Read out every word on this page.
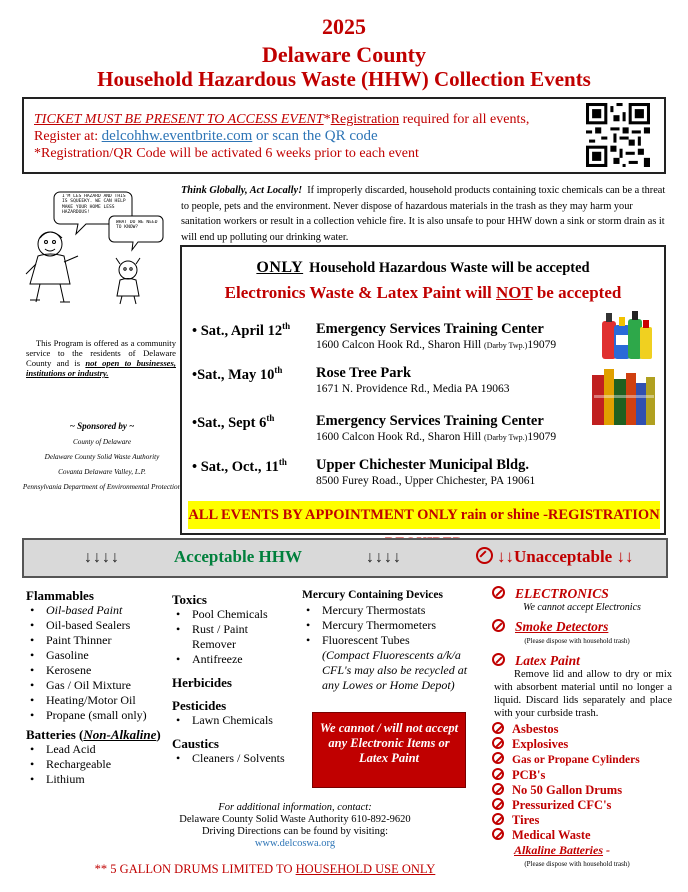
2025
Delaware County
Household Hazardous Waste (HHW) Collection Events
TICKET MUST BE PRESENT TO ACCESS EVENT*Registration required for all events,
Register at: delcohhw.eventbrite.com or scan the QR code
*Registration/QR Code will be activated 6 weeks prior to each event
I'M LES HAZARD AND THIS IS SQUEEKY. WE CAN HELP MAKE YOUR HOME LESS HAZARDOUS!
WHAT DO WE NEED TO KNOW?
Think Globally, Act Locally! If improperly discarded, household products containing toxic chemicals can be a threat to people, pets and the environment. Never dispose of hazardous materials in the trash as they may harm your sanitation workers or result in a collection vehicle fire. It is also unsafe to pour HHW down a sink or storm drain as it will end up polluting our drinking water.
This Program is offered as a community service to the residents of Delaware County and is not open to businesses, institutions or industry.
~ Sponsored by ~
County of Delaware
Delaware County Solid Waste Authority
Covanta Delaware Valley, L.P.
Pennsylvania Department of Environmental Protection
ONLY Household Hazardous Waste will be accepted
Electronics Waste & Latex Paint will NOT be accepted
• Sat., April 12th Emergency Services Training Center
1600 Calcon Hook Rd., Sharon Hill (Darby Twp.)19079
•Sat., May 10th Rose Tree Park
1671 N. Providence Rd., Media PA 19063
•Sat., Sept 6th	Emergency Services Training Center
1600 Calcon Hook Rd., Sharon Hill (Darby Twp.)19079
• Sat., Oct., 11th Upper Chichester Municipal Bldg.
8500 Furey Road., Upper Chichester, PA 19061
ALL EVENTS BY APPOINTMENT ONLY rain or shine -REGISTRATION
↓↓↓↓	Acceptable HHW	↓↓↓↓	↓↓Unacceptable ↓↓
Flammables
• Oil-based Paint
• Oil-based Sealers
• Paint Thinner
• Gasoline
• Kerosene
• Gas / Oil Mixture
• Heating/Motor Oil
• Propane (small only)
Batteries (Non-Alkaline)
• Lead Acid
• Rechargeable
• Lithium
Toxics
• Pool Chemicals
• Rust / Paint Remover
• Antifreeze
Herbicides
Pesticides
• Lawn Chemicals
Caustics
• Cleaners / Solvents
Mercury Containing Devices
• Mercury Thermostats
• Mercury Thermometers
• Fluorescent Tubes
(Compact Fluorescents a/k/a CFL's may also be recycled at any Lowes or Home Depot)
We cannot / will not accept any Electronic Items or Latex Paint
ELECTRONICS
We cannot accept Electronics
Smoke Detectors
(Please dispose with household trash)
Latex Paint
Remove lid and allow to dry or mix with absorbent material until no longer a liquid. Discard lids separately and place with your curbside trash.
Asbestos
Explosives
Gas or Propane Cylinders
PCB's
No 50 Gallon Drums
Pressurized CFC's
Tires
Medical Waste
Alkaline Batteries -
(Please dispose with household trash)
For additional information, contact:
Delaware County Solid Waste Authority 610-892-9620
Driving Directions can be found by visiting:
www.delcoswa.org
** 5 GALLON DRUMS LIMITED TO HOUSEHOLD USE ONLY
